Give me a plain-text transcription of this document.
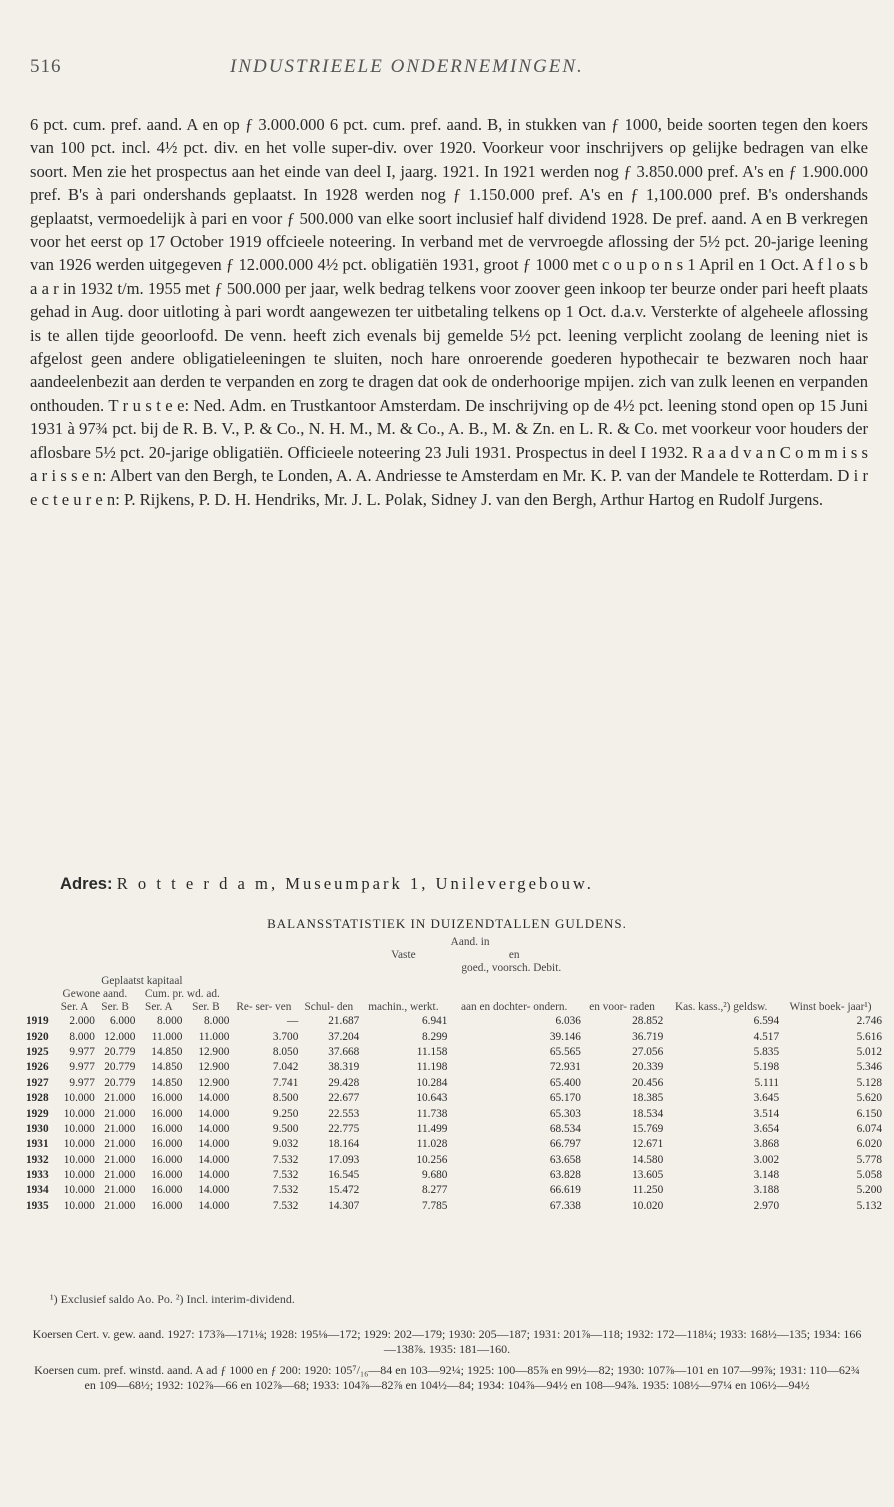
516	INDUSTRIEELE ONDERNEMINGEN.

6 pct. cum. pref. aand. A en op ƒ 3.000.000 6 pct. cum. pref. aand. B, in stukken van ƒ 1000, beide soorten tegen den koers van 100 pct. incl. 4½ pct. div. en het volle super-div. over 1920. Voorkeur voor inschrijvers op gelijke bedragen van elke soort. Men zie het prospectus aan het einde van deel I, jaarg. 1921. In 1921 werden nog ƒ 3.850.000 pref. A's en ƒ 1.900.000 pref. B's à pari ondershands geplaatst. In 1928 werden nog ƒ 1.150.000 pref. A's en ƒ 1,100.000 pref. B's ondershands geplaatst, vermoedelijk à pari en voor ƒ 500.000 van elke soort inclusief half dividend 1928. De pref. aand. A en B verkregen voor het eerst op 17 October 1919 offcieele noteering. In verband met de vervroegde aflossing der 5½ pct. 20-jarige leening van 1926 werden uitgegeven ƒ 12.000.000 4½ pct. obligatiën 1931, groot ƒ 1000 met c o u p o n s 1 April en 1 Oct. A f l o s b a a r in 1932 t/m. 1955 met ƒ 500.000 per jaar, welk bedrag telkens voor zoover geen inkoop ter beurze onder pari heeft plaats gehad in Aug. door uitloting à pari wordt aangewezen ter uitbetaling telkens op 1 Oct. d.a.v. Versterkte of algeheele aflossing is te allen tijde geoorloofd. De venn. heeft zich evenals bij gemelde 5½ pct. leening verplicht zoolang de leening niet is afgelost geen andere obligatieleeningen te sluiten, noch hare onroerende goederen hypothecair te bezwaren noch haar aandeelenbezit aan derden te verpanden en zorg te dragen dat ook de onderhoorige mpijen. zich van zulk leenen en verpanden onthouden. T r u s t e e: Ned. Adm. en Trustkantoor Amsterdam. De inschrijving op de 4½ pct. leening stond open op 15 Juni 1931 à 97¾ pct. bij de R. B. V., P. & Co., N. H. M., M. & Co., A. B., M. & Zn. en L. R. & Co. met voorkeur voor houders der aflosbare 5½ pct. 20-jarige obligatiën. Officieele noteering 23 Juli 1931. Prospectus in deel I 1932. R a a d v a n C o m m i s s a r i s s e n: Albert van den Bergh, te Londen, A. A. Andriesse te Amsterdam en Mr. K. P. van der Mandele te Rotterdam. D i r e c t e u r e n: P. Rijkens, P. D. H. Hendriks, Mr. J. L. Polak, Sidney J. van den Bergh, Arthur Hartog en Rudolf Jurgens.

Adres: R o t t e r d a m, Museumpark 1, Unilevergebouw.
BALANSSTATISTIEK IN DUIZENDTALLEN GULDENS.
							Aand. in				
							Vaste	en			
							goed., voorsch. Debit.				
	Geplaatst kapitaal										
	Gewone aand.		Cum. pr. wd. ad.								
	Ser. A	Ser. B	Ser. A	Ser. B	Re- ser- ven	Schul- den	machin., werkt.	aan en dochter- ondern.	en voor- raden	Kas. kass.,²) geldsw.	Winst boek- jaar¹)
1919	2.000	6.000	8.000	8.000	—	21.687	6.941	6.036	28.852	6.594	2.746
1920	8.000	12.000	11.000	11.000	3.700	37.204	8.299	39.146	36.719	4.517	5.616
1925	9.977	20.779	14.850	12.900	8.050	37.668	11.158	65.565	27.056	5.835	5.012
1926	9.977	20.779	14.850	12.900	7.042	38.319	11.198	72.931	20.339	5.198	5.346
1927	9.977	20.779	14.850	12.900	7.741	29.428	10.284	65.400	20.456	5.111	5.128
1928	10.000	21.000	16.000	14.000	8.500	22.677	10.643	65.170	18.385	3.645	5.620
1929	10.000	21.000	16.000	14.000	9.250	22.553	11.738	65.303	18.534	3.514	6.150
1930	10.000	21.000	16.000	14.000	9.500	22.775	11.499	68.534	15.769	3.654	6.074
1931	10.000	21.000	16.000	14.000	9.032	18.164	11.028	66.797	12.671	3.868	6.020
1932	10.000	21.000	16.000	14.000	7.532	17.093	10.256	63.658	14.580	3.002	5.778
1933	10.000	21.000	16.000	14.000	7.532	16.545	9.680	63.828	13.605	3.148	5.058
1934	10.000	21.000	16.000	14.000	7.532	15.472	8.277	66.619	11.250	3.188	5.200
1935	10.000	21.000	16.000	14.000	7.532	14.307	7.785	67.338	10.020	2.970	5.132
¹) Exclusief saldo Ao. Po. ²) Incl. interim-dividend.

Koersen Cert. v. gew. aand. 1927: 173⅞—171⅛; 1928: 195⅛—172; 1929: 202—179; 1930: 205—187; 1931: 201⅞—118; 1932: 172—118¼; 1933: 168½—135; 1934: 166—138⅞. 1935: 181—160.

Koersen cum. pref. winstd. aand. A ad ƒ 1000 en ƒ 200: 1920: 105⁷/₁₆—84 en 103—92¼; 1925: 100—85⅞ en 99½—82; 1930: 107⅞—101 en 107—99⅞; 1931: 110—62¾ en 109—68½; 1932: 102⅞—66 en 102⅞—68; 1933: 104⅞—82⅞ en 104½—84; 1934: 104⅞—94½ en 108—94⅞. 1935: 108½—97¼ en 106½—94½
